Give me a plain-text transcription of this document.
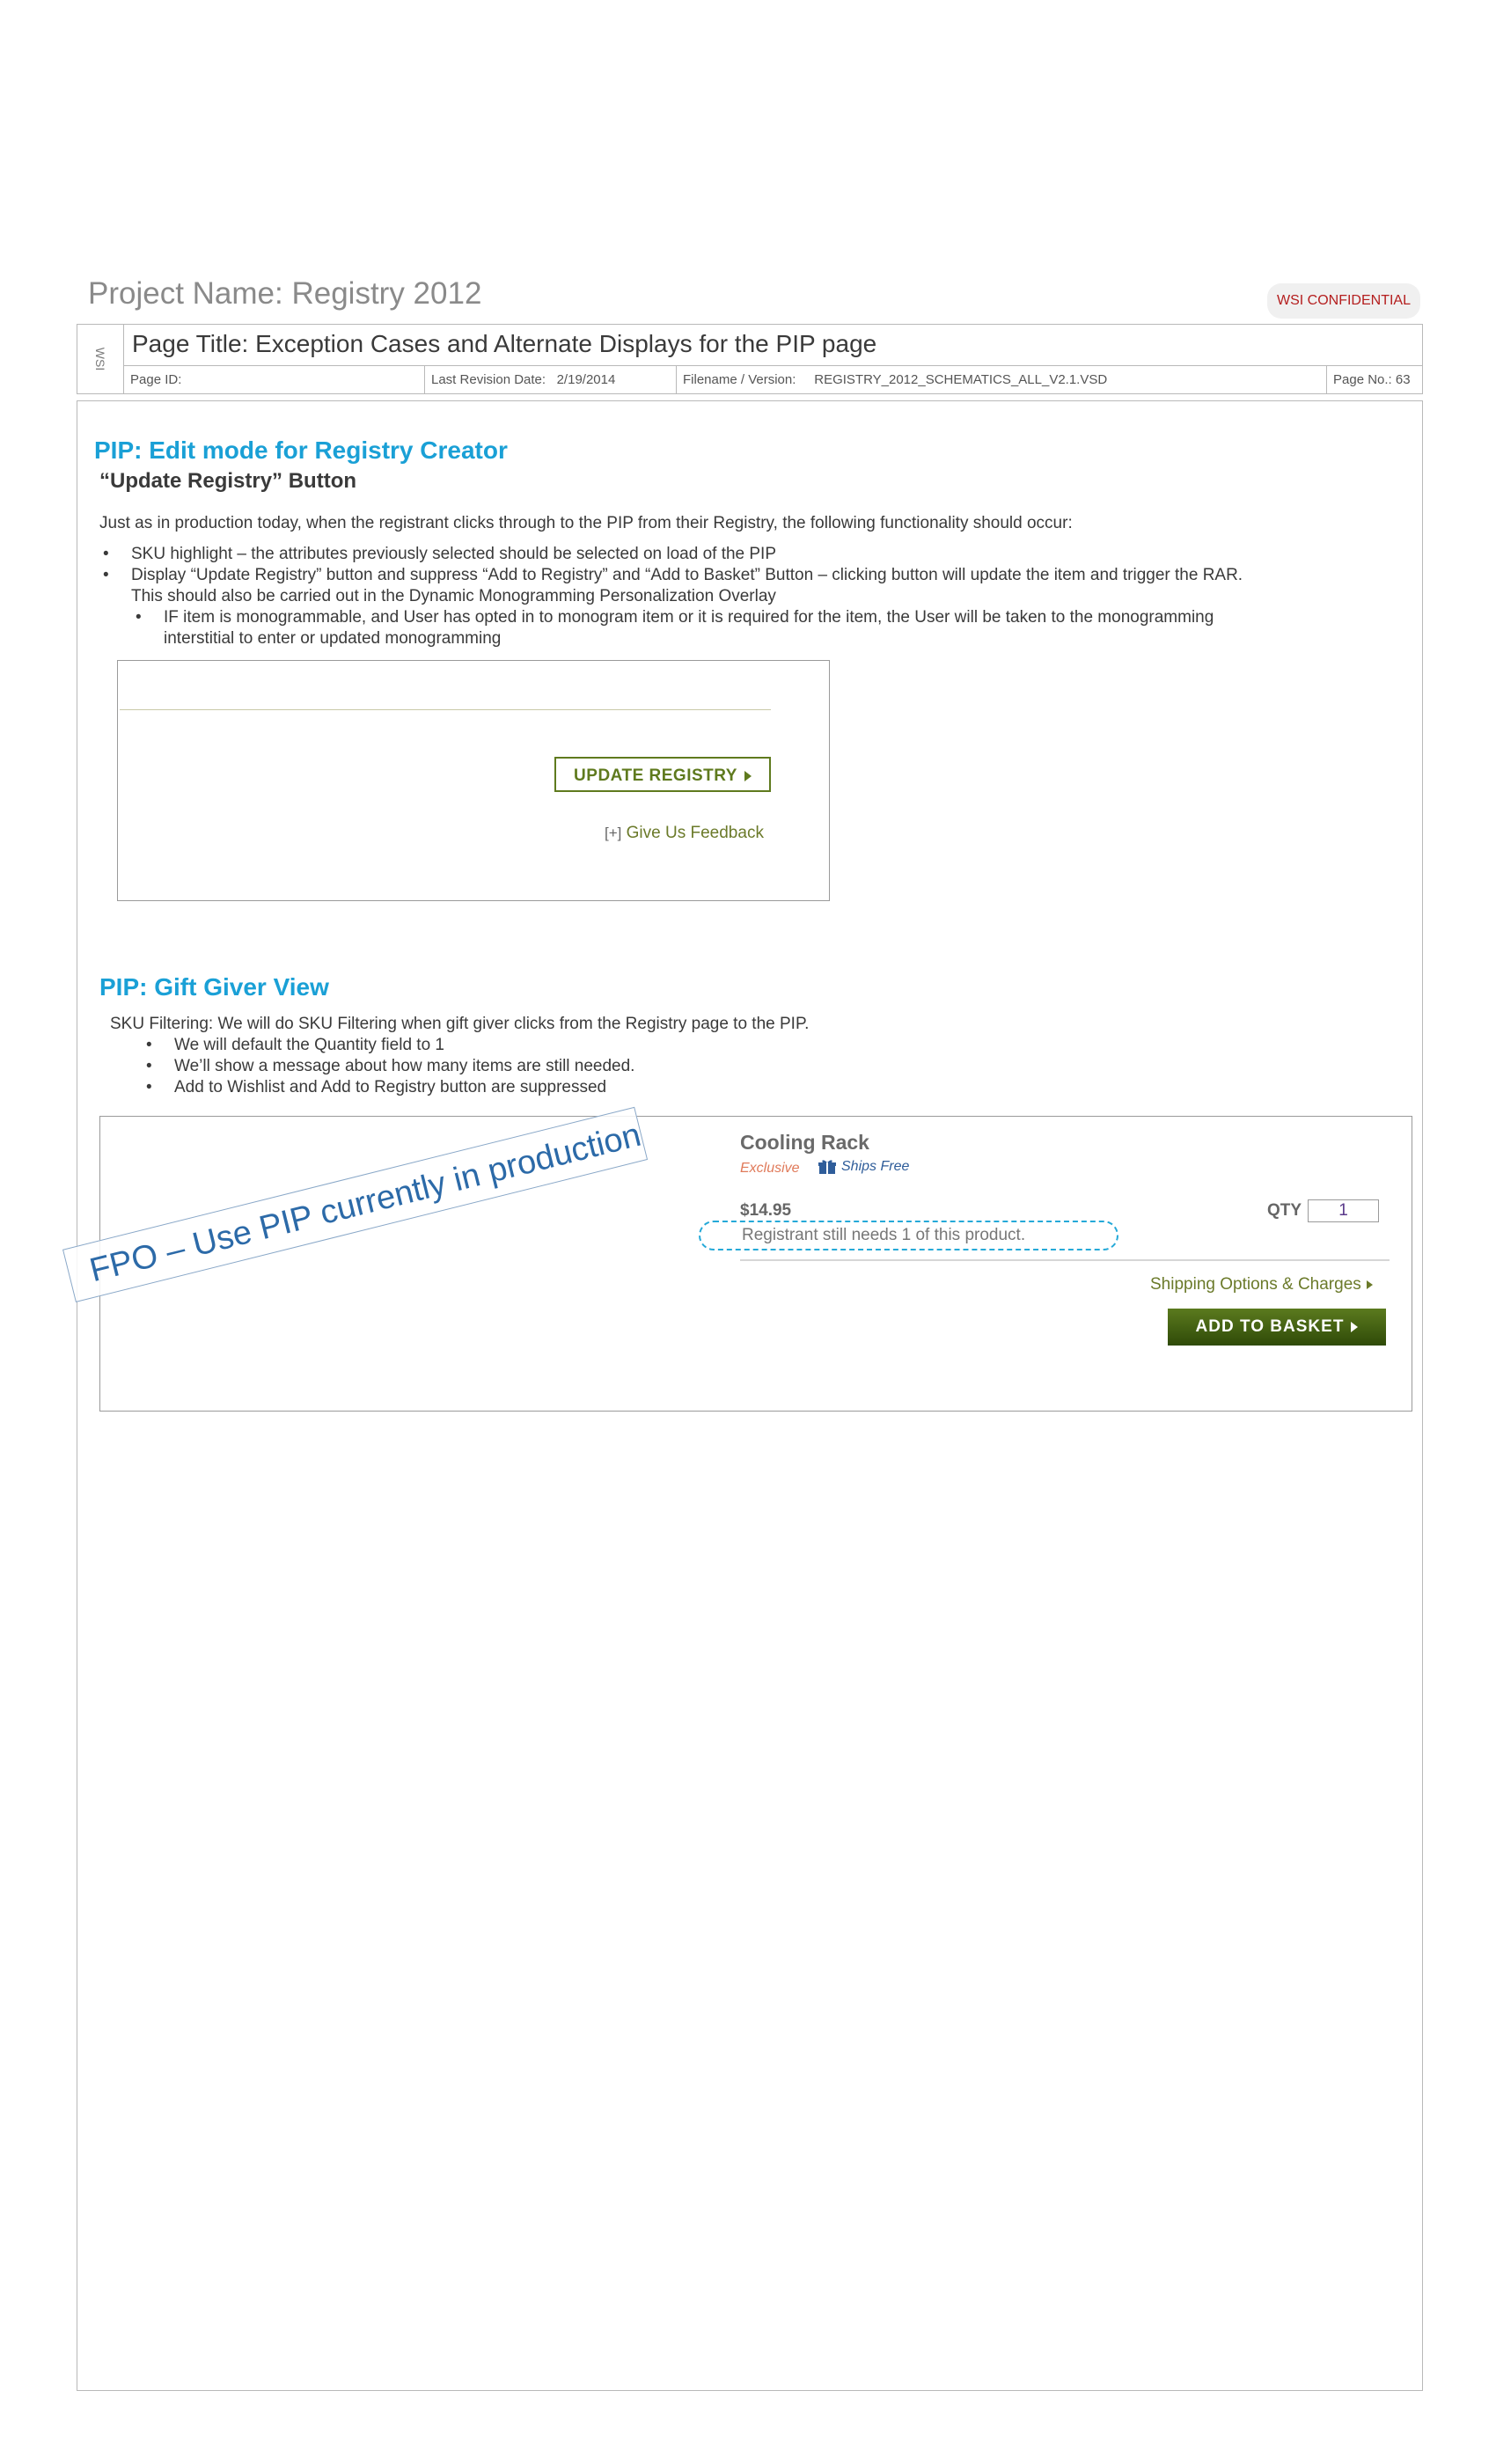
Project Name: Registry 2012	WSI CONFIDENTIAL
WSI
Page Title: Exception Cases and Alternate Displays for the PIP page
Page ID:	Last Revision Date: 2/19/2014	Filename / Version: REGISTRY_2012_SCHEMATICS_ALL_V2.1.VSD	Page No.: 63
PIP: Edit mode for Registry Creator
“Update Registry” Button
Just as in production today, when the registrant clicks through to the PIP from their Registry, the following functionality should occur:
• SKU highlight – the attributes previously selected should be selected on load of the PIP
• Display “Update Registry” button and suppress “Add to Registry” and “Add to Basket” Button – clicking button will update the item and trigger the RAR.
This should also be carried out in the Dynamic Monogramming Personalization Overlay
• IF item is monogrammable, and User has opted in to monogram item or it is required for the item, the User will be taken to the monogramming
interstitial to enter or updated monogramming
UPDATE REGISTRY
[+] Give Us Feedback
PIP: Gift Giver View
SKU Filtering: We will do SKU Filtering when gift giver clicks from the Registry page to the PIP.
• We will default the Quantity field to 1
• We’ll show a message about how many items are still needed.
• Add to Wishlist and Add to Registry button are suppressed
Cooling Rack
Exclusive	Ships Free
$14.95	QTY
1
Registrant still needs 1 of this product.
Shipping Options & Charges
ADD TO BASKET
FPO – Use PIP currently in production
